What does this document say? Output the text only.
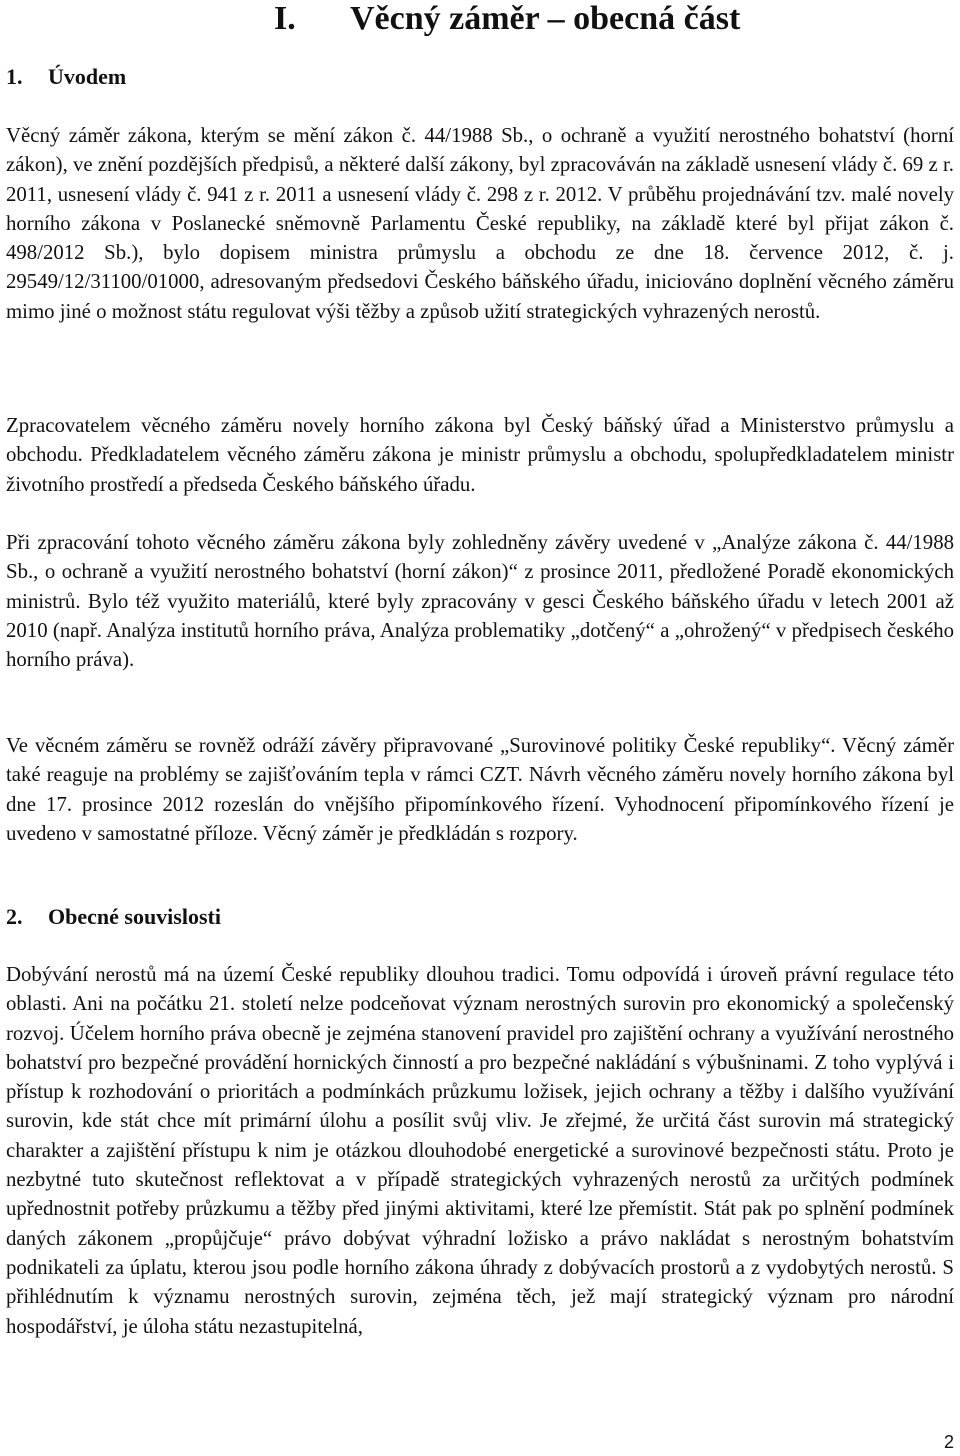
I. Věcný záměr – obecná část
1. Úvodem

Věcný záměr zákona, kterým se mění zákon č. 44/1988 Sb., o ochraně a využití nerostného bohatství (horní zákon), ve znění pozdějších předpisů, a některé další zákony, byl zpracováván na základě usnesení vlády č. 69 z r. 2011, usnesení vlády č. 941 z r. 2011 a usnesení vlády č. 298 z r. 2012. V průběhu projednávání tzv. malé novely horního zákona v Poslanecké sněmovně Parlamentu České republiky, na základě které byl přijat zákon č. 498/2012 Sb.), bylo dopisem ministra průmyslu a obchodu ze dne 18. července 2012, č. j. 29549/12/31100/01000, adresovaným předsedovi Českého báňského úřadu, iniciováno doplnění věcného záměru mimo jiné o možnost státu regulovat výši těžby a způsob užití strategických vyhrazených nerostů.

Zpracovatelem věcného záměru novely horního zákona byl Český báňský úřad a Ministerstvo průmyslu a obchodu. Předkladatelem věcného záměru zákona je ministr průmyslu a obchodu, spolupředkladatelem ministr životního prostředí a předseda Českého báňského úřadu.

Při zpracování tohoto věcného záměru zákona byly zohledněny závěry uvedené v „Analýze zákona č. 44/1988 Sb., o ochraně a využití nerostného bohatství (horní zákon)“ z prosince 2011, předložené Poradě ekonomických ministrů. Bylo též využito materiálů, které byly zpracovány v gesci Českého báňského úřadu v letech 2001 až 2010 (např. Analýza institutů horního práva, Analýza problematiky „dotčený“ a „ohrožený“ v předpisech českého horního práva).

Ve věcném záměru se rovněž odráží závěry připravované „Surovinové politiky České republiky“. Věcný záměr také reaguje na problémy se zajišťováním tepla v rámci CZT. Návrh věcného záměru novely horního zákona byl dne 17. prosince 2012 rozeslán do vnějšího připomínkového řízení. Vyhodnocení připomínkového řízení je uvedeno v samostatné příloze. Věcný záměr je předkládán s rozpory.

2. Obecné souvislosti

Dobývání nerostů má na území České republiky dlouhou tradici. Tomu odpovídá i úroveň právní regulace této oblasti. Ani na počátku 21. století nelze podceňovat význam nerostných surovin pro ekonomický a společenský rozvoj. Účelem horního práva obecně je zejména stanovení pravidel pro zajištění ochrany a využívání nerostného bohatství pro bezpečné provádění hornických činností a pro bezpečné nakládání s výbušninami. Z toho vyplývá i přístup k rozhodování o prioritách a podmínkách průzkumu ložisek, jejich ochrany a těžby i dalšího využívání surovin, kde stát chce mít primární úlohu a posílit svůj vliv. Je zřejmé, že určitá část surovin má strategický charakter a zajištění přístupu k nim je otázkou dlouhodobé energetické a surovinové bezpečnosti státu. Proto je nezbytné tuto skutečnost reflektovat a v případě strategických vyhrazených nerostů za určitých podmínek upřednostnit potřeby průzkumu a těžby před jinými aktivitami, které lze přemístit. Stát pak po splnění podmínek daných zákonem „propůjčuje“ právo dobývat výhradní ložisko a právo nakládat s nerostným bohatstvím podnikateli za úplatu, kterou jsou podle horního zákona úhrady z dobývacích prostorů a z vydobytých nerostů. S přihlédnutím k významu nerostných surovin, zejména těch, jež mají strategický význam pro národní hospodářství, je úloha státu nezastupitelná,

2
